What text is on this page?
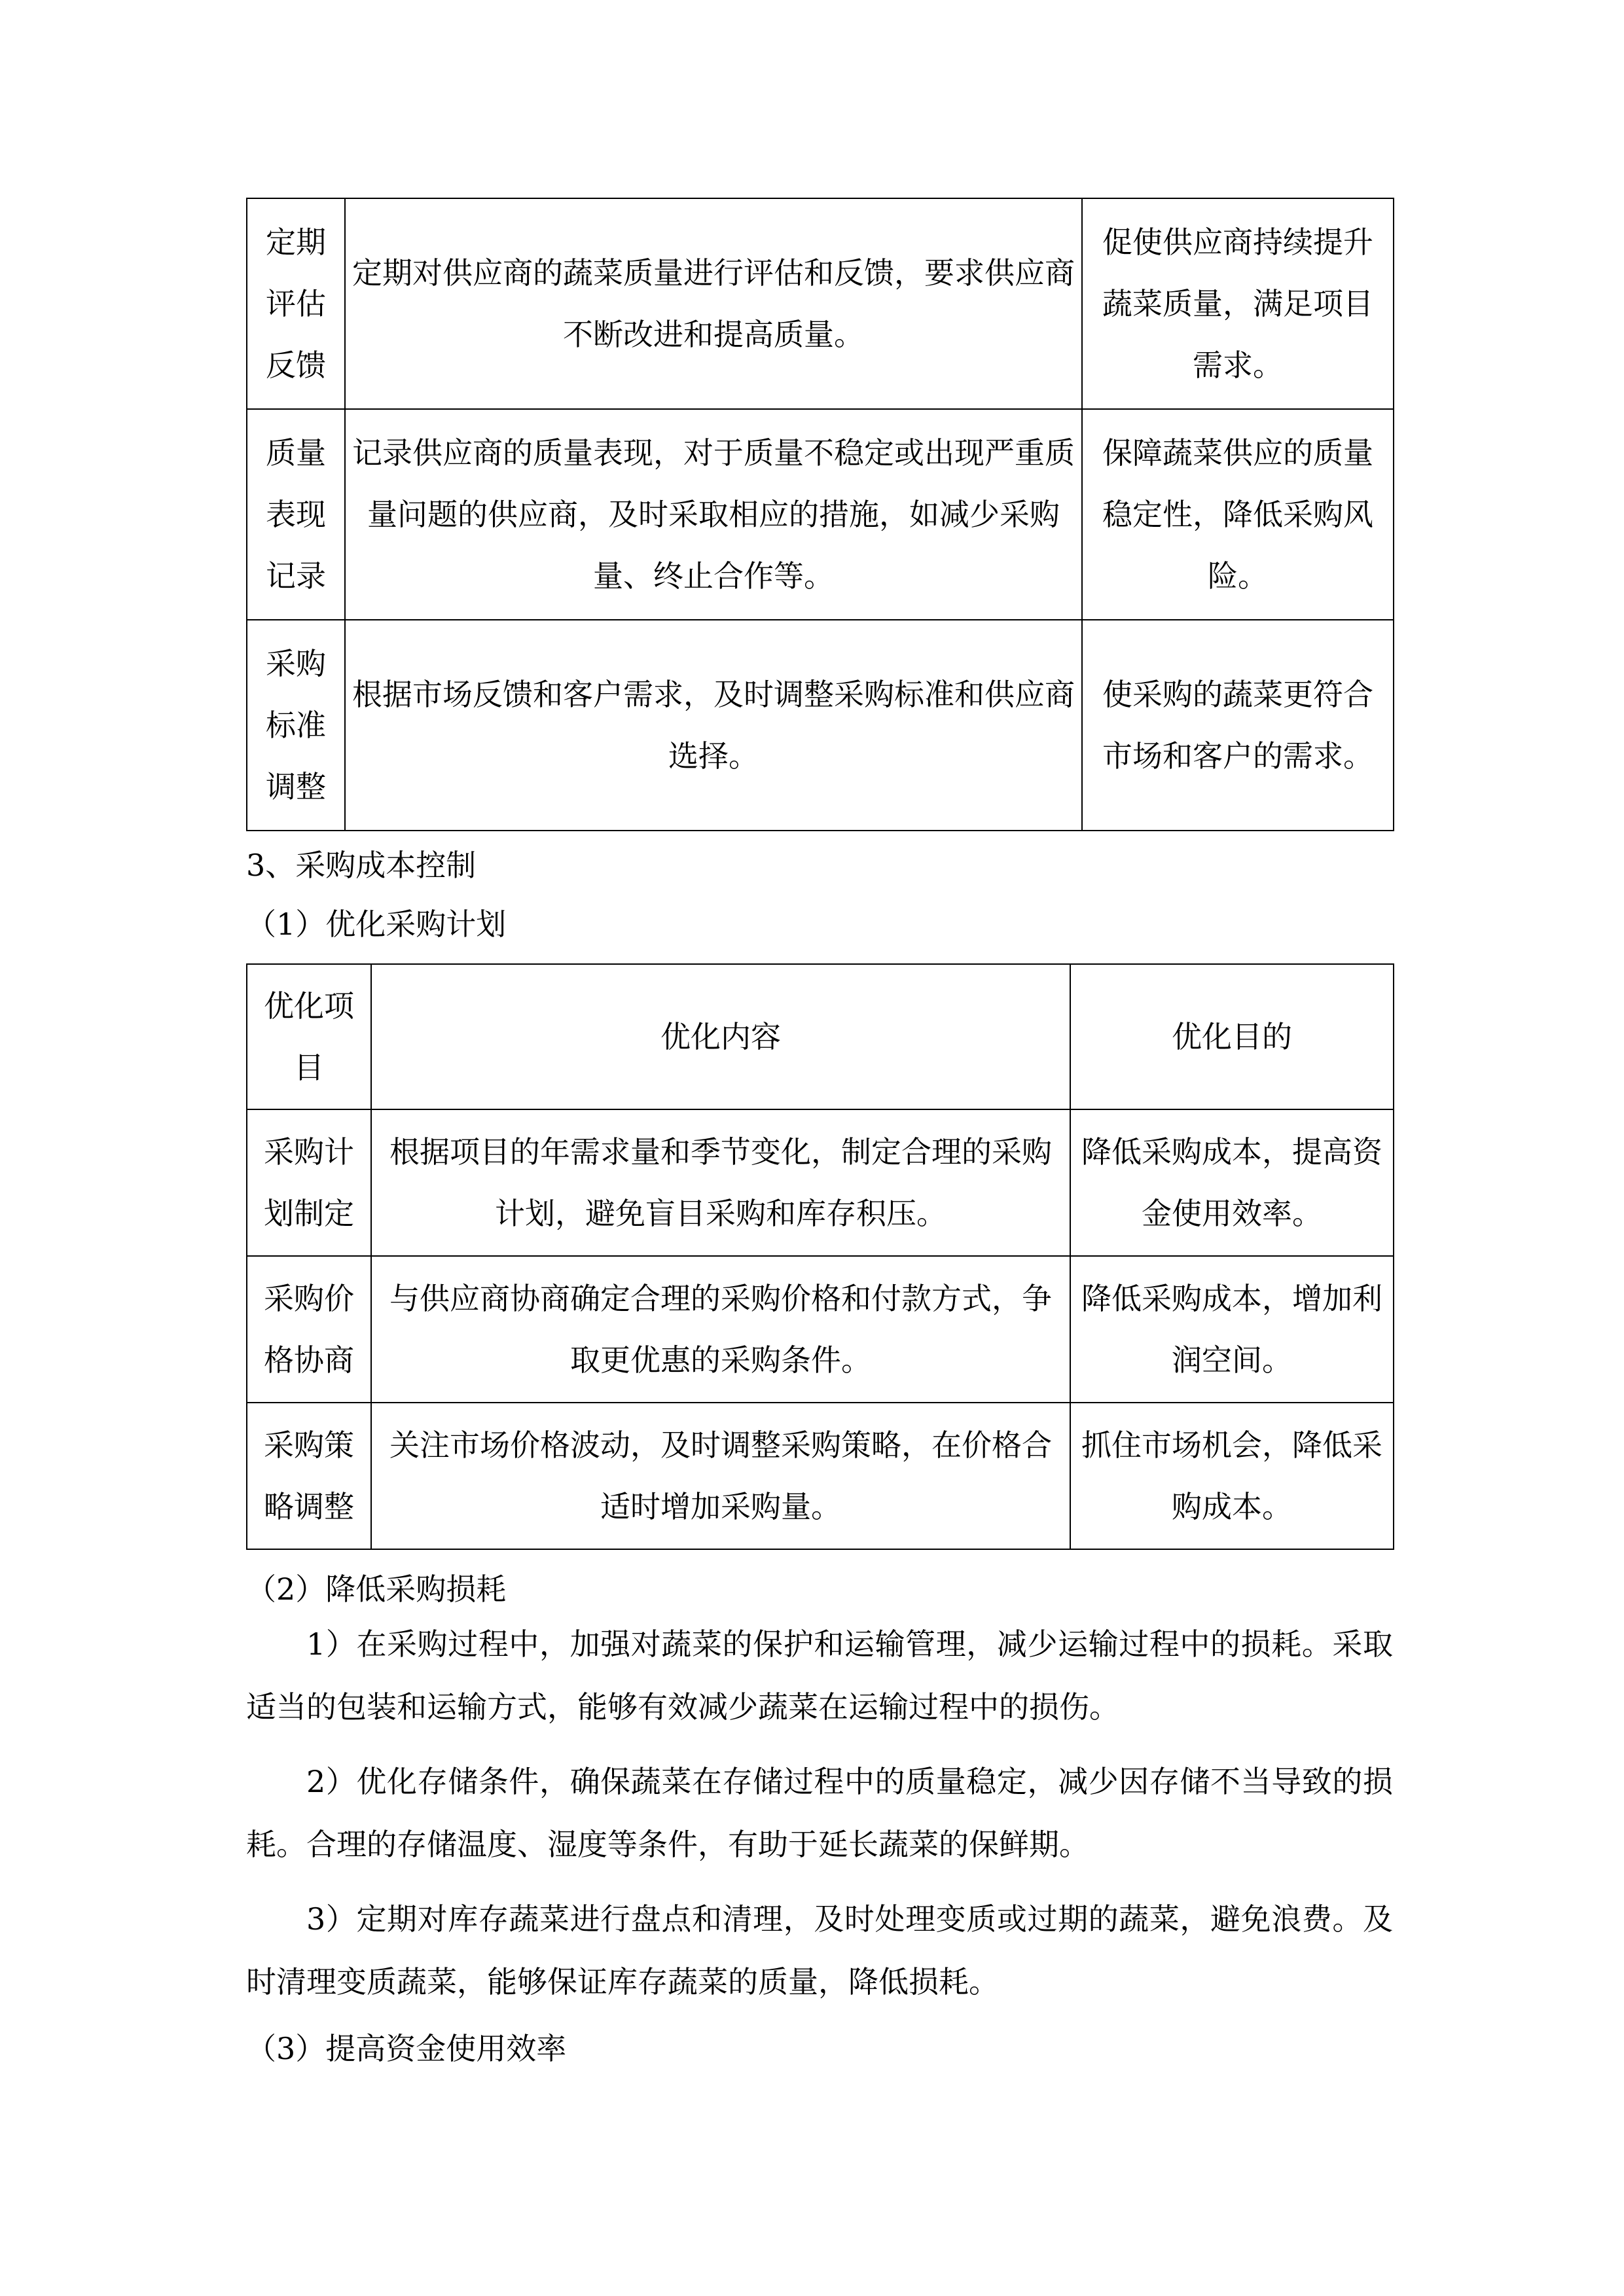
定期评估反馈	定期对供应商的蔬菜质量进行评估和反馈，要求供应商不断改进和提高质量。	促使供应商持续提升蔬菜质量，满足项目需求。
质量表现记录	记录供应商的质量表现，对于质量不稳定或出现严重质量问题的供应商，及时采取相应的措施，如减少采购量、终止合作等。	保障蔬菜供应的质量稳定性，降低采购风险。
采购标准调整	根据市场反馈和客户需求，及时调整采购标准和供应商选择。	使采购的蔬菜更符合市场和客户的需求。
3、采购成本控制
（1）优化采购计划
优化项目	优化内容	优化目的
采购计划制定	根据项目的年需求量和季节变化，制定合理的采购计划，避免盲目采购和库存积压。	降低采购成本，提高资金使用效率。
采购价格协商	与供应商协商确定合理的采购价格和付款方式，争取更优惠的采购条件。	降低采购成本，增加利润空间。
采购策略调整	关注市场价格波动，及时调整采购策略，在价格合适时增加采购量。	抓住市场机会，降低采购成本。
（2）降低采购损耗
1）在采购过程中，加强对蔬菜的保护和运输管理，减少运输过程中的损耗。采取适当的包装和运输方式，能够有效减少蔬菜在运输过程中的损伤。
2）优化存储条件，确保蔬菜在存储过程中的质量稳定，减少因存储不当导致的损耗。合理的存储温度、湿度等条件，有助于延长蔬菜的保鲜期。
3）定期对库存蔬菜进行盘点和清理，及时处理变质或过期的蔬菜，避免浪费。及时清理变质蔬菜，能够保证库存蔬菜的质量，降低损耗。
（3）提高资金使用效率
